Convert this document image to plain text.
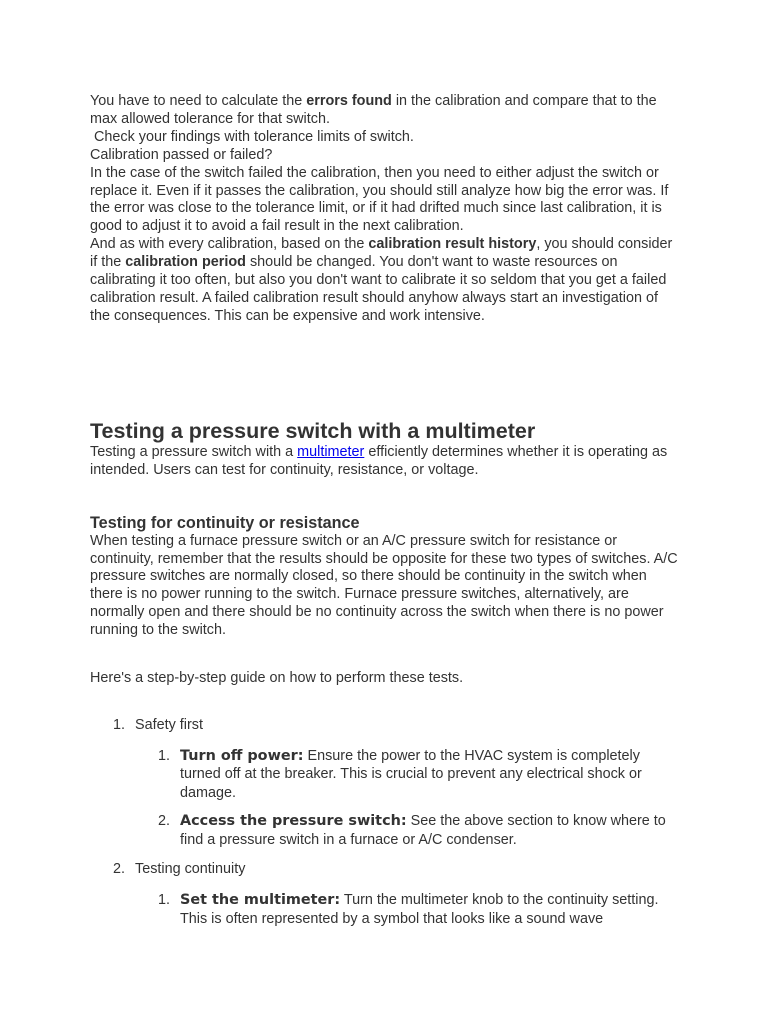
You have to need to calculate the errors found in the calibration and compare that to the max allowed tolerance for that switch.

Check your findings with tolerance limits of switch.

Calibration passed or failed?

In the case of the switch failed the calibration, then you need to either adjust the switch or replace it. Even if it passes the calibration, you should still analyze how big the error was. If the error was close to the tolerance limit, or if it had drifted much since last calibration, it is good to adjust it to avoid a fail result in the next calibration.

And as with every calibration, based on the calibration result history, you should consider if the calibration period should be changed. You don't want to waste resources on calibrating it too often, but also you don't want to calibrate it so seldom that you get a failed calibration result. A failed calibration result should anyhow always start an investigation of the consequences. This can be expensive and work intensive.

Testing a pressure switch with a multimeter

Testing a pressure switch with a multimeter efficiently determines whether it is operating as intended. Users can test for continuity, resistance, or voltage.

Testing for continuity or resistance

When testing a furnace pressure switch or an A/C pressure switch for resistance or continuity, remember that the results should be opposite for these two types of switches. A/C pressure switches are normally closed, so there should be continuity in the switch when there is no power running to the switch. Furnace pressure switches, alternatively, are normally open and there should be no continuity across the switch when there is no power running to the switch.

Here's a step-by-step guide on how to perform these tests.

1. Safety first
1. Turn off power: Ensure the power to the HVAC system is completely turned off at the breaker. This is crucial to prevent any electrical shock or damage.
2. Access the pressure switch: See the above section to know where to find a pressure switch in a furnace or A/C condenser.
2. Testing continuity
1. Set the multimeter: Turn the multimeter knob to the continuity setting. This is often represented by a symbol that looks like a sound wave
